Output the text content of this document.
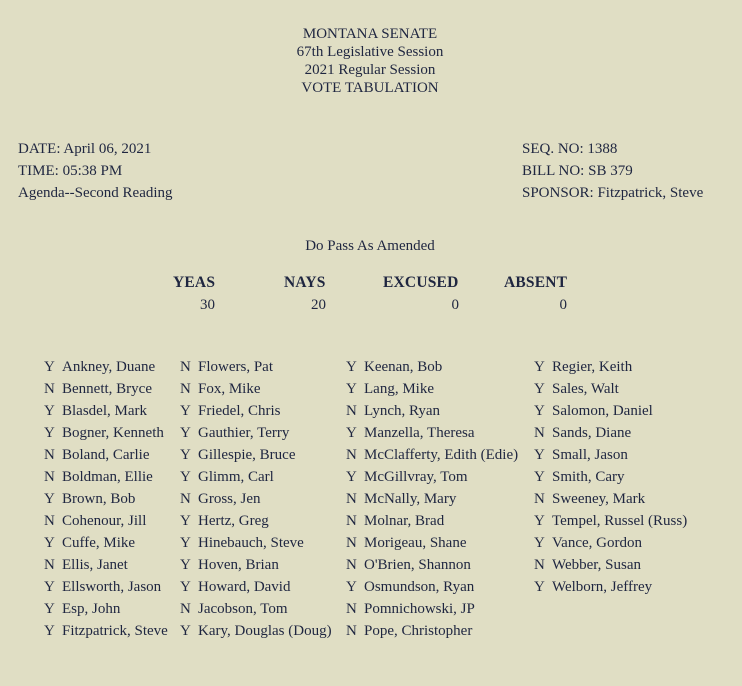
MONTANA SENATE
67th Legislative Session
2021 Regular Session
VOTE TABULATION
DATE: April 06, 2021
TIME: 05:38 PM
Agenda--Second Reading
SEQ. NO: 1388
BILL NO: SB 379
SPONSOR: Fitzpatrick, Steve
Do Pass As Amended
YEAS	NAYS	EXCUSED	ABSENT
30	20	0	0
Y Ankney, Duane
N Bennett, Bryce
Y Blasdel, Mark
Y Bogner, Kenneth
N Boland, Carlie
N Boldman, Ellie
Y Brown, Bob
N Cohenour, Jill
Y Cuffe, Mike
N Ellis, Janet
Y Ellsworth, Jason
Y Esp, John
Y Fitzpatrick, Steve
N Flowers, Pat
N Fox, Mike
Y Friedel, Chris
Y Gauthier, Terry
Y Gillespie, Bruce
Y Glimm, Carl
N Gross, Jen
Y Hertz, Greg
Y Hinebauch, Steve
Y Hoven, Brian
Y Howard, David
N Jacobson, Tom
Y Kary, Douglas (Doug)
Y Keenan, Bob
Y Lang, Mike
N Lynch, Ryan
Y Manzella, Theresa
N McClafferty, Edith (Edie)
Y McGillvray, Tom
N McNally, Mary
N Molnar, Brad
N Morigeau, Shane
N O'Brien, Shannon
Y Osmundson, Ryan
N Pomnichowski, JP
N Pope, Christopher
Y Regier, Keith
Y Sales, Walt
Y Salomon, Daniel
N Sands, Diane
Y Small, Jason
Y Smith, Cary
N Sweeney, Mark
Y Tempel, Russel (Russ)
Y Vance, Gordon
N Webber, Susan
Y Welborn, Jeffrey
